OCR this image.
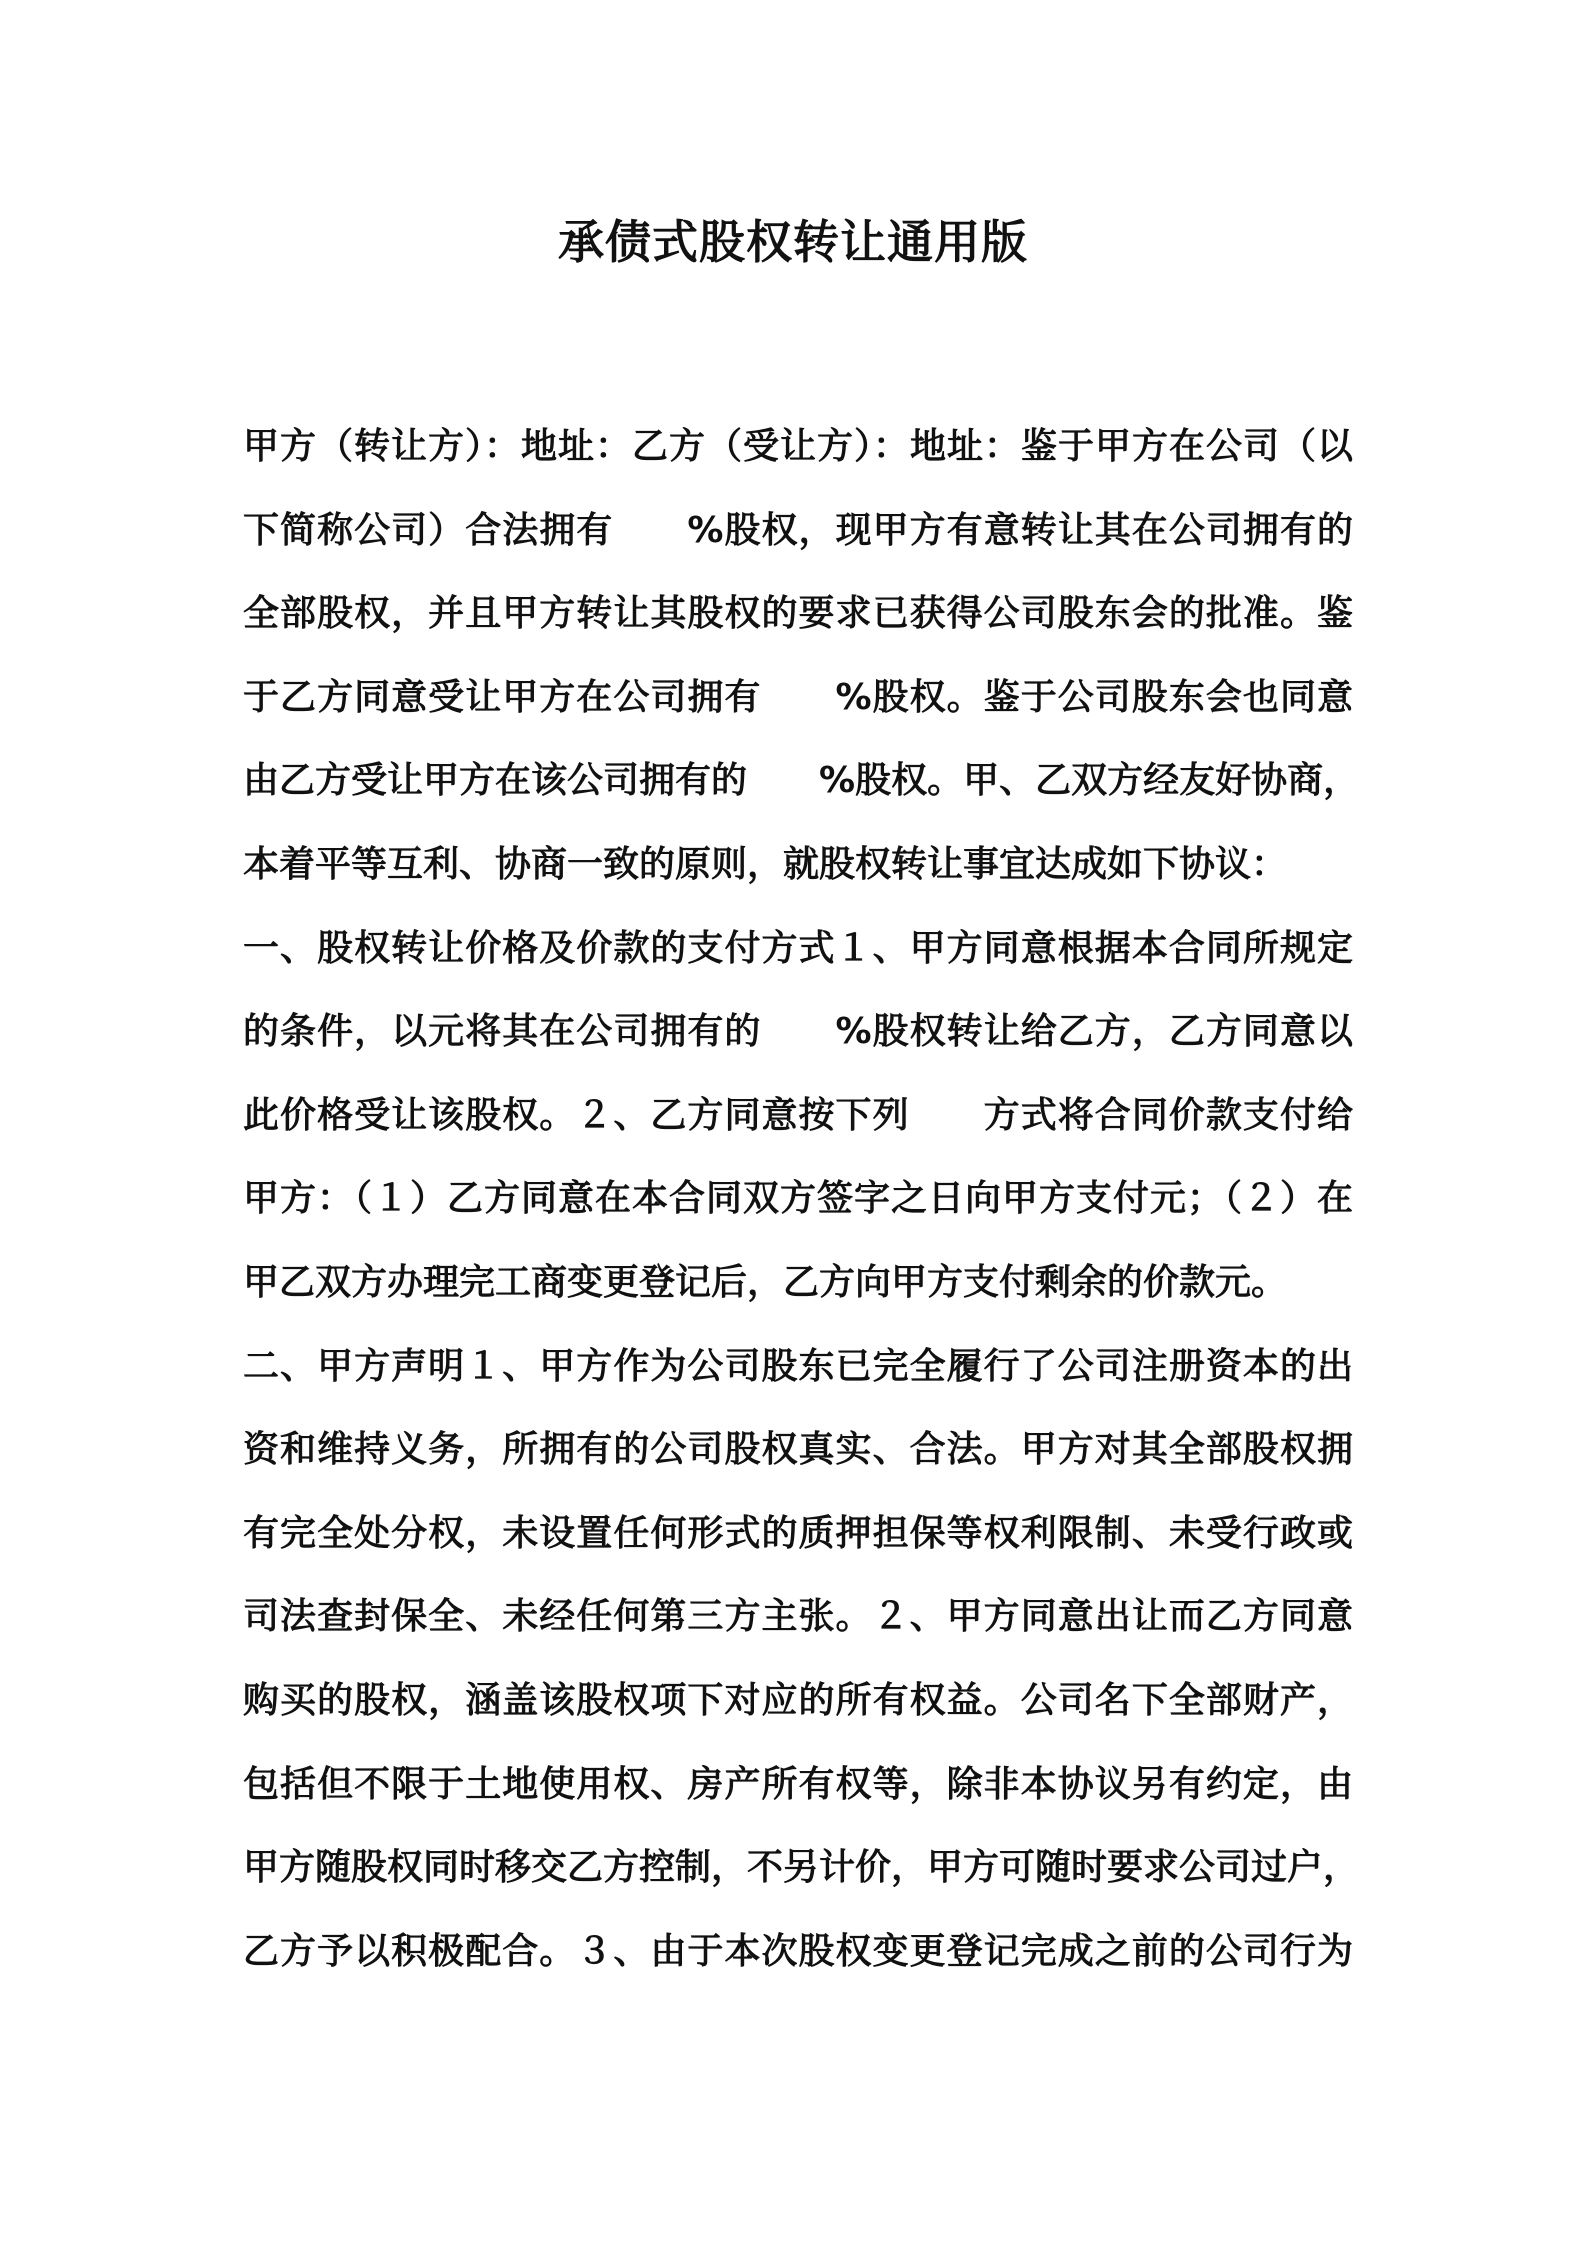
承债式股权转让通用版

甲方（转让方）：地址：乙方（受让方）：地址：鉴于甲方在公司（以

下简称公司）合法拥有　　%股权，现甲方有意转让其在公司拥有的

全部股权，并且甲方转让其股权的要求已获得公司股东会的批准。鉴

于乙方同意受让甲方在公司拥有　　%股权。鉴于公司股东会也同意

由乙方受让甲方在该公司拥有的　　%股权。甲、乙双方经友好协商，

本着平等互利、协商一致的原则，就股权转让事宜达成如下协议：

一、股权转让价格及价款的支付方式１、甲方同意根据本合同所规定

的条件，以元将其在公司拥有的　　%股权转让给乙方，乙方同意以

此价格受让该股权。２、乙方同意按下列　　方式将合同价款支付给

甲方：（１）乙方同意在本合同双方签字之日向甲方支付元；（２）在

甲乙双方办理完工商变更登记后，乙方向甲方支付剩余的价款元。

二、甲方声明１、甲方作为公司股东已完全履行了公司注册资本的出

资和维持义务，所拥有的公司股权真实、合法。甲方对其全部股权拥

有完全处分权，未设置任何形式的质押担保等权利限制、未受行政或

司法查封保全、未经任何第三方主张。２、甲方同意出让而乙方同意

购买的股权，涵盖该股权项下对应的所有权益。公司名下全部财产，

包括但不限于土地使用权、房产所有权等，除非本协议另有约定，由

甲方随股权同时移交乙方控制，不另计价，甲方可随时要求公司过户，

乙方予以积极配合。３、由于本次股权变更登记完成之前的公司行为
